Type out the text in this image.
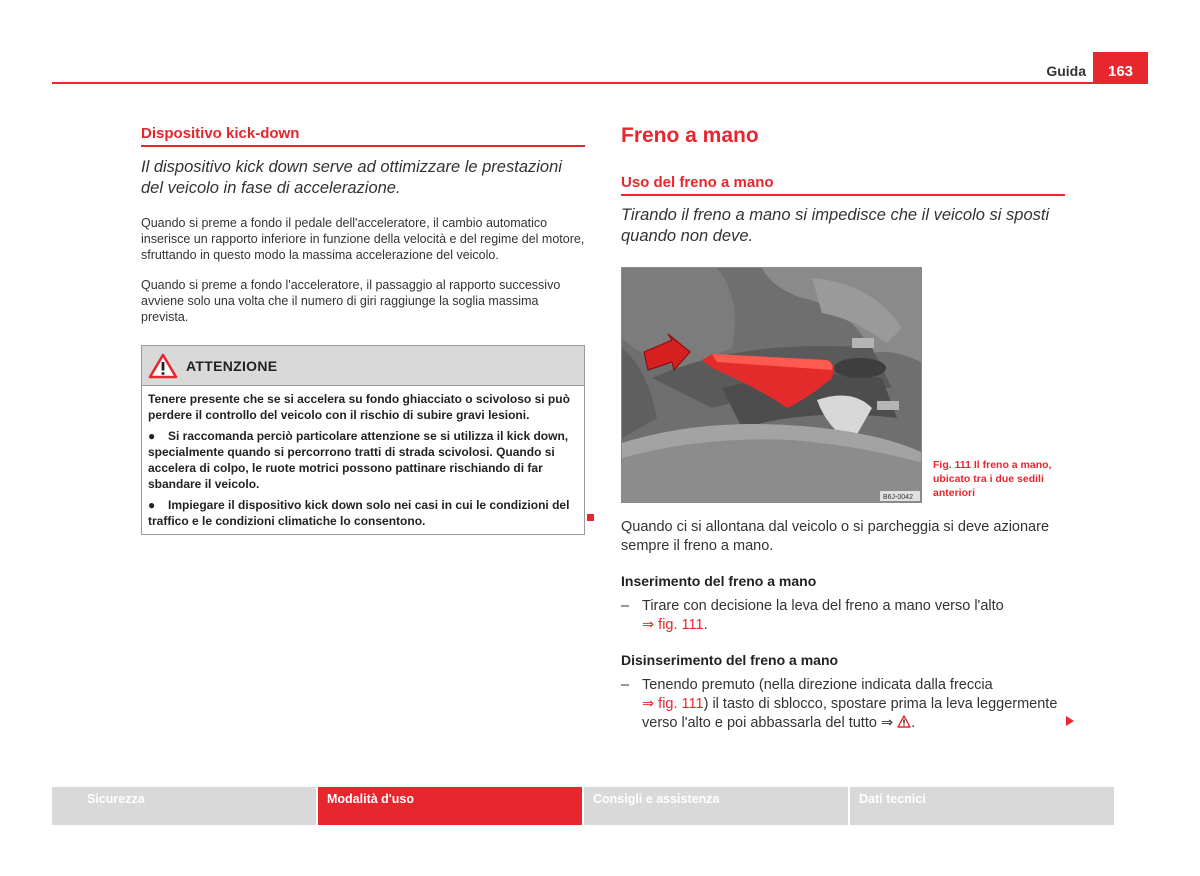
Guida	163
Dispositivo kick-down
Il dispositivo kick down serve ad ottimizzare le prestazioni del veicolo in fase di accelerazione.
Quando si preme a fondo il pedale dell'acceleratore, il cambio automatico inserisce un rapporto inferiore in funzione della velocità e del regime del motore, sfruttando in questo modo la massima accelerazione del veicolo.
Quando si preme a fondo l'acceleratore, il passaggio al rapporto successivo avviene solo una volta che il numero di giri raggiunge la soglia massima prevista.
ATTENZIONE

Tenere presente che se si accelera su fondo ghiacciato o scivoloso si può perdere il controllo del veicolo con il rischio di subire gravi lesioni.

● Si raccomanda perciò particolare attenzione se si utilizza il kick down, specialmente quando si percorrono tratti di strada scivolosi. Quando si accelera di colpo, le ruote motrici possono pattinare rischiando di far sbandare il veicolo.

● Impiegare il dispositivo kick down solo nei casi in cui le condizioni del traffico e le condizioni climatiche lo consentono.

Freno a mano
Uso del freno a mano
Tirando il freno a mano si impedisce che il veicolo si sposti quando non deve.
B6J-0042
Fig. 111 Il freno a mano, ubicato tra i due sedili anteriori
Quando ci si allontana dal veicolo o si parcheggia si deve azionare sempre il freno a mano.
Inserimento del freno a mano
– Tirare con decisione la leva del freno a mano verso l'alto
⇒ fig. 111.
Disinserimento del freno a mano
– Tenendo premuto (nella direzione indicata dalla freccia
⇒ fig. 111) il tasto di sblocco, spostare prima la leva leggermente verso l'alto e poi abbassarla del tutto ⇒ .
Sicurezza	Modalità d'uso	Consigli e assistenza	Dati tecnici
